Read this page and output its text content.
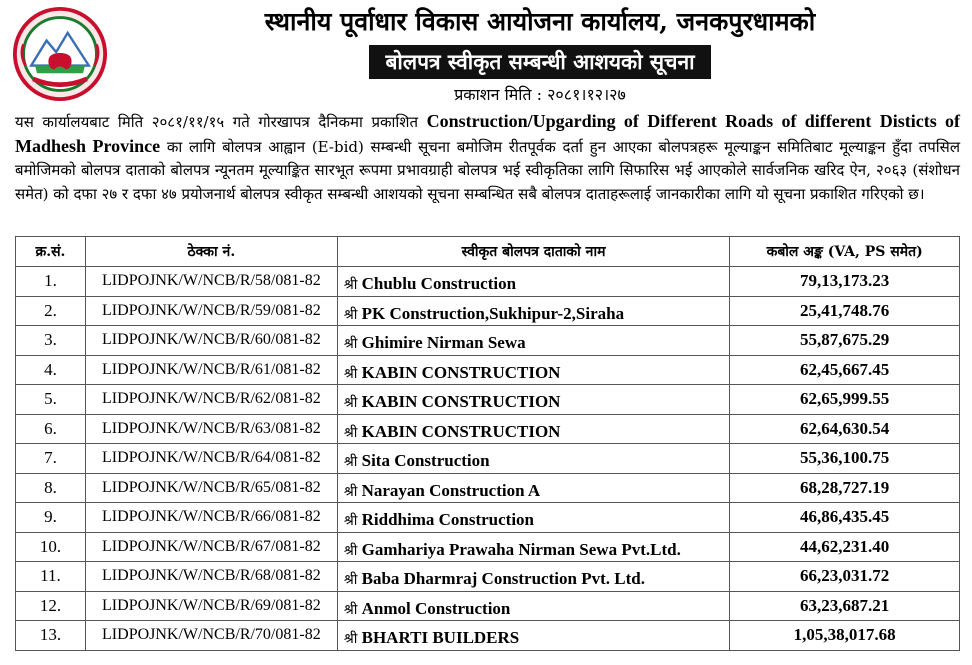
स्थानीय पूर्वाधार विकास आयोजना कार्यालय, जनकपुरधामको
बोलपत्र स्वीकृत सम्बन्धी आशयको सूचना
प्रकाशन मिति : २०८१।१२।२७

यस कार्यालयबाट मिति २०८१/११/१५ गते गोरखापत्र दैनिकमा प्रकाशित Construction/Upgarding of Different Roads of different Disticts of Madhesh Province का लागि बोलपत्र आह्वान (E-bid) सम्बन्धी सूचना बमोजिम रीतपूर्वक दर्ता हुन आएका बोलपत्रहरू मूल्याङ्कन समितिबाट मूल्याङ्कन हुँदा तपसिल बमोजिमको बोलपत्र दाताको बोलपत्र न्यूनतम मूल्याङ्कित सारभूत रूपमा प्रभावग्राही बोलपत्र भई स्वीकृतिका लागि सिफारिस भई आएकोले सार्वजनिक खरिद ऐन, २०६३ (संशोधन समेत) को दफा २७ र दफा ४७ प्रयोजनार्थ बोलपत्र स्वीकृत सम्बन्धी आशयको सूचना सम्बन्धित सबै बोलपत्र दाताहरूलाई जानकारीका लागि यो सूचना प्रकाशित गरिएको छ।

क्र.सं.	ठेक्का नं.	स्वीकृत बोलपत्र दाताको नाम	कबोल अङ्क (VA, PS समेत)
1.	LIDPOJNK/W/NCB/R/58/081-82	श्री Chublu Construction	79,13,173.23
2.	LIDPOJNK/W/NCB/R/59/081-82	श्री PK Construction,Sukhipur-2,Siraha	25,41,748.76
3.	LIDPOJNK/W/NCB/R/60/081-82	श्री Ghimire Nirman Sewa	55,87,675.29
4.	LIDPOJNK/W/NCB/R/61/081-82	श्री KABIN CONSTRUCTION	62,45,667.45
5.	LIDPOJNK/W/NCB/R/62/081-82	श्री KABIN CONSTRUCTION	62,65,999.55
6.	LIDPOJNK/W/NCB/R/63/081-82	श्री KABIN CONSTRUCTION	62,64,630.54
7.	LIDPOJNK/W/NCB/R/64/081-82	श्री Sita Construction	55,36,100.75
8.	LIDPOJNK/W/NCB/R/65/081-82	श्री Narayan Construction A	68,28,727.19
9.	LIDPOJNK/W/NCB/R/66/081-82	श्री Riddhima Construction	46,86,435.45
10.	LIDPOJNK/W/NCB/R/67/081-82	श्री Gamhariya Prawaha Nirman Sewa Pvt.Ltd.	44,62,231.40
11.	LIDPOJNK/W/NCB/R/68/081-82	श्री Baba Dharmraj Construction Pvt. Ltd.	66,23,031.72
12.	LIDPOJNK/W/NCB/R/69/081-82	श्री Anmol Construction	63,23,687.21
13.	LIDPOJNK/W/NCB/R/70/081-82	श्री BHARTI BUILDERS	1,05,38,017.68
